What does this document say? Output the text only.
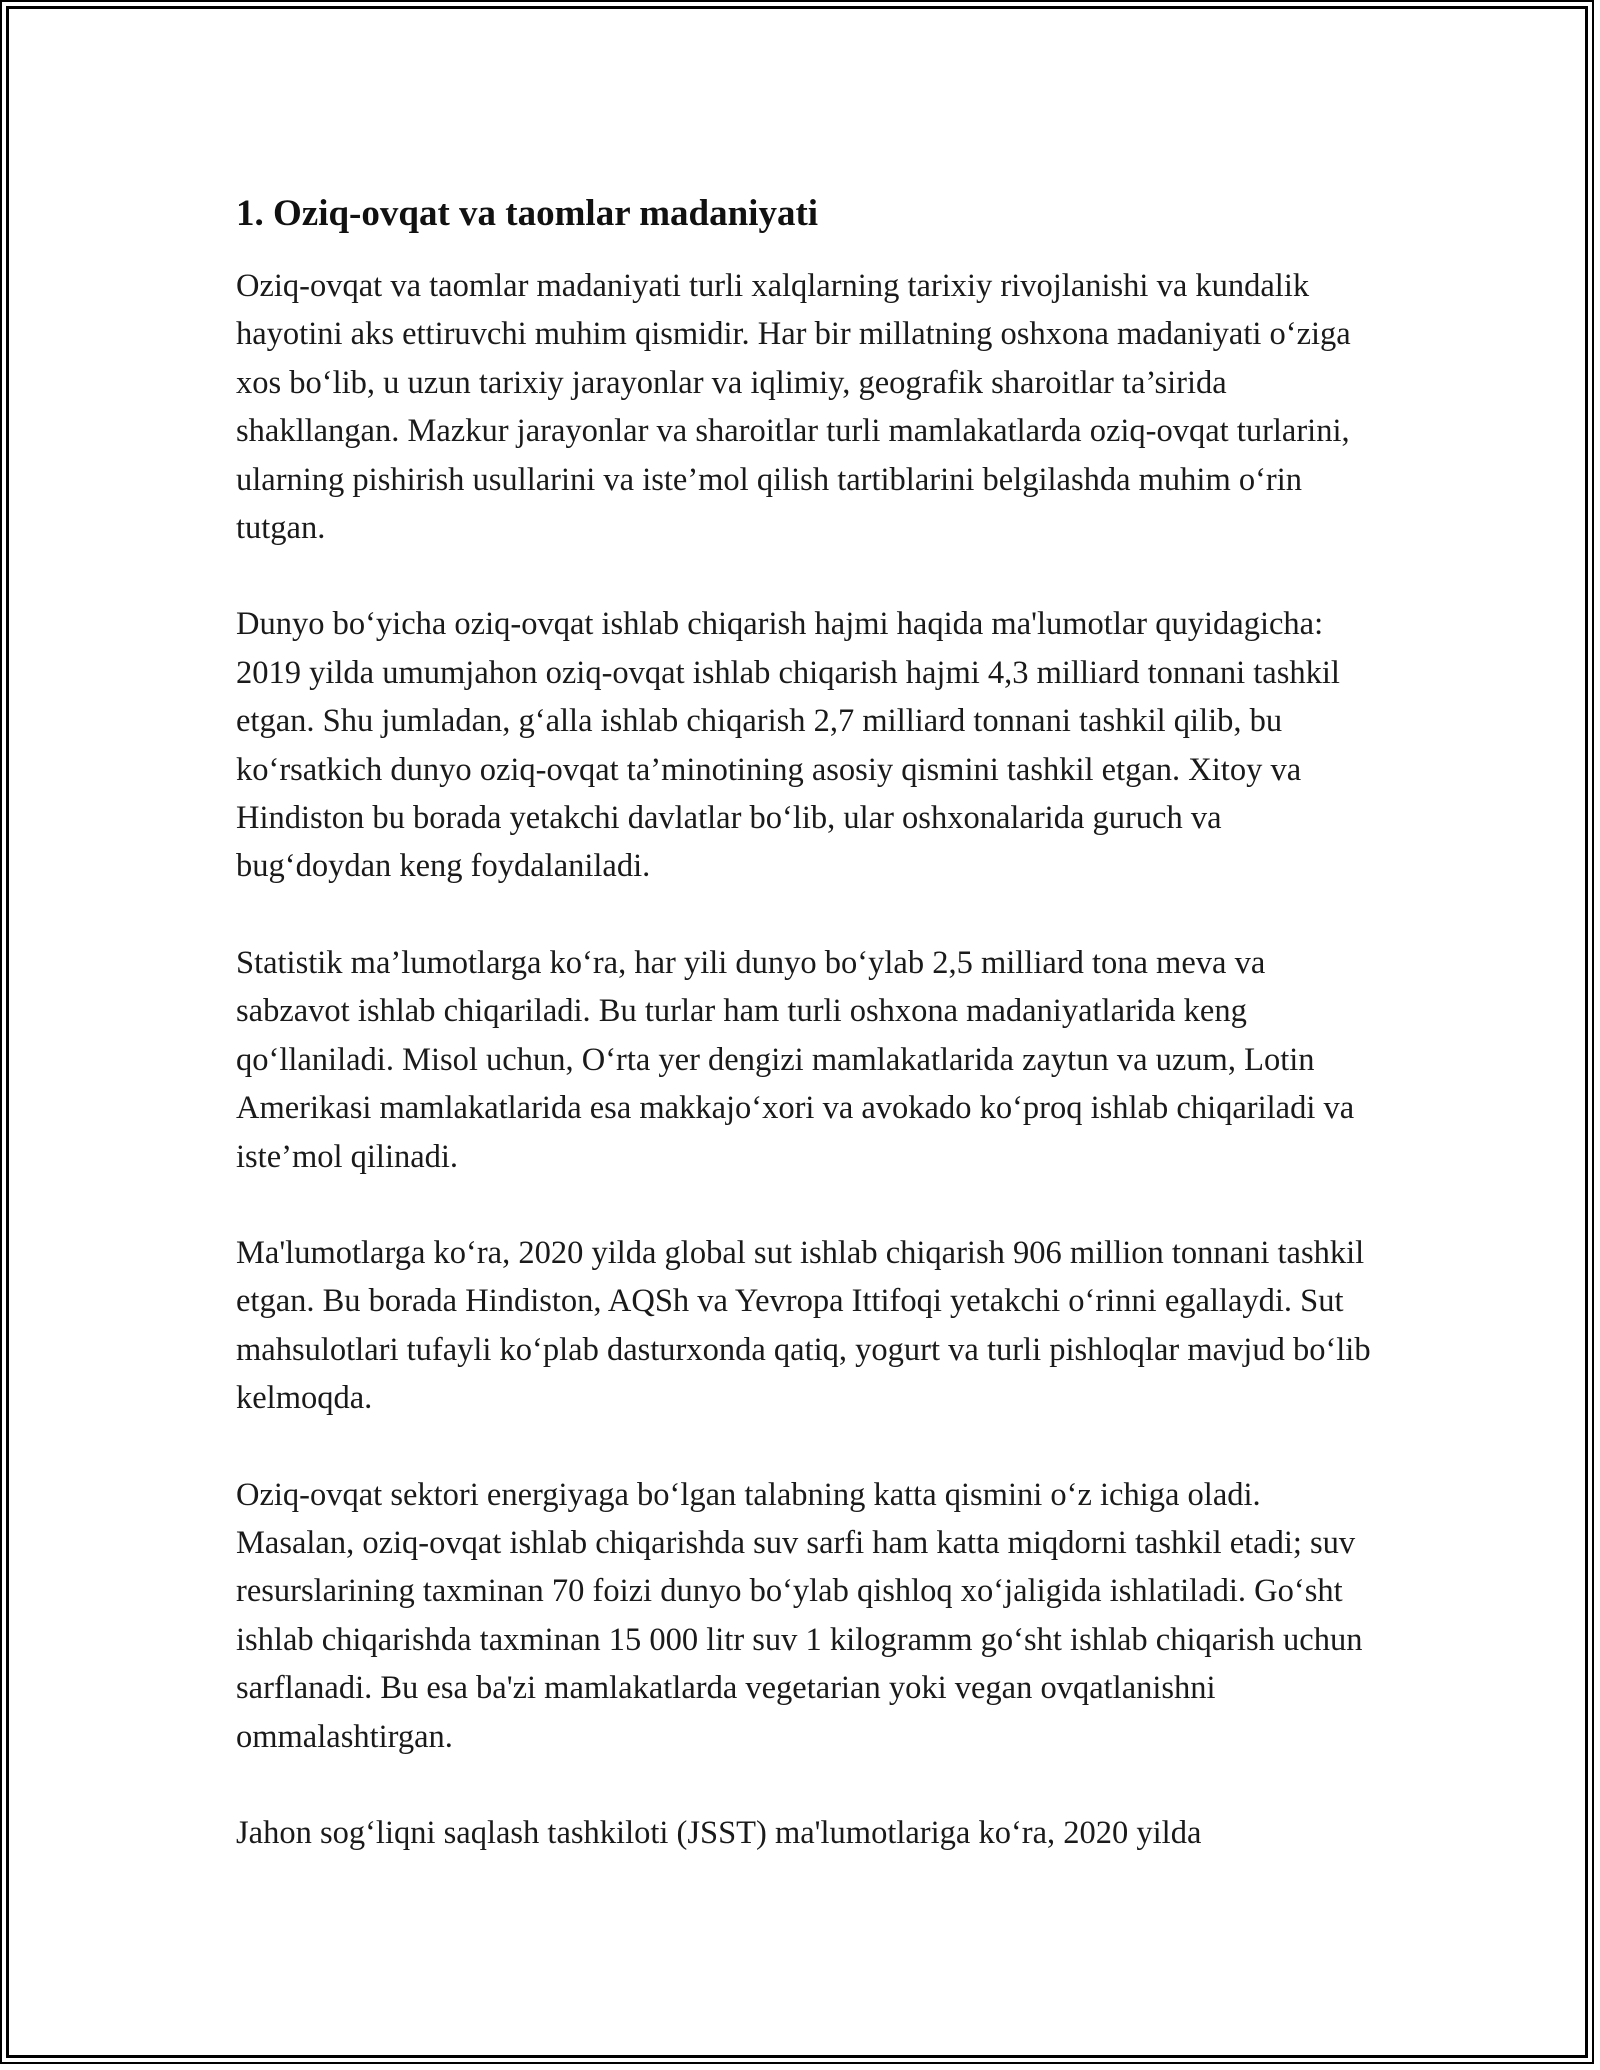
1. Oziq-ovqat va taomlar madaniyati

Oziq-ovqat va taomlar madaniyati turli xalqlarning tarixiy rivojlanishi va kundalik hayotini aks ettiruvchi muhim qismidir. Har bir millatning oshxona madaniyati o‘ziga xos bo‘lib, u uzun tarixiy jarayonlar va iqlimiy, geografik sharoitlar ta’sirida shakllangan. Mazkur jarayonlar va sharoitlar turli mamlakatlarda oziq-ovqat turlarini, ularning pishirish usullarini va iste’mol qilish tartiblarini belgilashda muhim o‘rin tutgan.

Dunyo bo‘yicha oziq-ovqat ishlab chiqarish hajmi haqida ma'lumotlar quyidagicha: 2019 yilda umumjahon oziq-ovqat ishlab chiqarish hajmi 4,3 milliard tonnani tashkil etgan. Shu jumladan, g‘alla ishlab chiqarish 2,7 milliard tonnani tashkil qilib, bu ko‘rsatkich dunyo oziq-ovqat ta’minotining asosiy qismini tashkil etgan. Xitoy va Hindiston bu borada yetakchi davlatlar bo‘lib, ular oshxonalarida guruch va bug‘doydan keng foydalaniladi.

Statistik ma’lumotlarga ko‘ra, har yili dunyo bo‘ylab 2,5 milliard tona meva va sabzavot ishlab chiqariladi. Bu turlar ham turli oshxona madaniyatlarida keng qo‘llaniladi. Misol uchun, O‘rta yer dengizi mamlakatlarida zaytun va uzum, Lotin Amerikasi mamlakatlarida esa makkajo‘xori va avokado ko‘proq ishlab chiqariladi va iste’mol qilinadi.

Ma'lumotlarga ko‘ra, 2020 yilda global sut ishlab chiqarish 906 million tonnani tashkil etgan. Bu borada Hindiston, AQSh va Yevropa Ittifoqi yetakchi o‘rinni egallaydi. Sut mahsulotlari tufayli ko‘plab dasturxonda qatiq, yogurt va turli pishloqlar mavjud bo‘lib kelmoqda.

Oziq-ovqat sektori energiyaga bo‘lgan talabning katta qismini o‘z ichiga oladi. Masalan, oziq-ovqat ishlab chiqarishda suv sarfi ham katta miqdorni tashkil etadi; suv resurslarining taxminan 70 foizi dunyo bo‘ylab qishloq xo‘jaligida ishlatiladi. Go‘sht ishlab chiqarishda taxminan 15 000 litr suv 1 kilogramm go‘sht ishlab chiqarish uchun sarflanadi. Bu esa ba'zi mamlakatlarda vegetarian yoki vegan ovqatlanishni ommalashtirgan.

Jahon sog‘liqni saqlash tashkiloti (JSST) ma'lumotlariga ko‘ra, 2020 yilda
